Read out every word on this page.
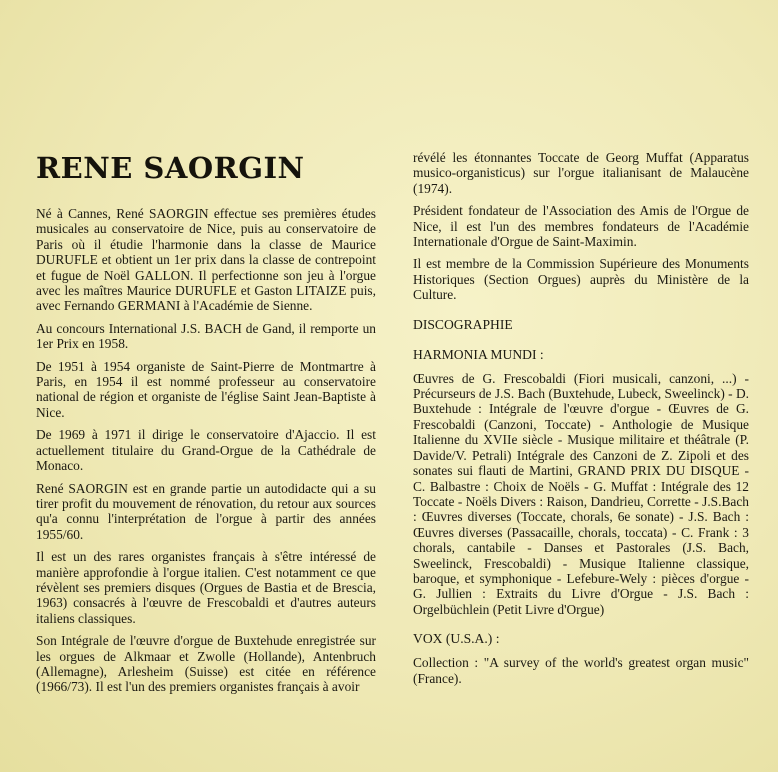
RENE SAORGIN

Né à Cannes, René SAORGIN effectue ses premières études musicales au conservatoire de Nice, puis au conservatoire de Paris où il étudie l'harmonie dans la classe de Maurice DURUFLE et obtient un 1er prix dans la classe de contrepoint et fugue de Noël GALLON. Il perfectionne son jeu à l'orgue avec les maîtres Maurice DURUFLE et Gaston LITAIZE puis, avec Fernando GERMANI à l'Académie de Sienne.

Au concours International J.S. BACH de Gand, il remporte un 1er Prix en 1958.

De 1951 à 1954 organiste de Saint-Pierre de Montmartre à Paris, en 1954 il est nommé professeur au conservatoire national de région et organiste de l'église Saint Jean-Baptiste à Nice.

De 1969 à 1971 il dirige le conservatoire d'Ajaccio. Il est actuellement titulaire du Grand-Orgue de la Cathédrale de Monaco.

René SAORGIN est en grande partie un autodidacte qui a su tirer profit du mouvement de rénovation, du retour aux sources qu'a connu l'interprétation de l'orgue à partir des années 1955/60.

Il est un des rares organistes français à s'être intéressé de manière approfondie à l'orgue italien. C'est notamment ce que révèlent ses premiers disques (Orgues de Bastia et de Brescia, 1963) consacrés à l'œuvre de Frescobaldi et d'autres auteurs italiens classiques.

Son Intégrale de l'œuvre d'orgue de Buxtehude enregistrée sur les orgues de Alkmaar et Zwolle (Hollande), Antenbruch (Allemagne), Arlesheim (Suisse) est citée en référence (1966/73). Il est l'un des premiers organistes français à avoir

révélé les étonnantes Toccate de Georg Muffat (Apparatus musico-organisticus) sur l'orgue italianisant de Malaucène (1974).

Président fondateur de l'Association des Amis de l'Orgue de Nice, il est l'un des membres fondateurs de l'Académie Internationale d'Orgue de Saint-Maximin.

Il est membre de la Commission Supérieure des Monuments Historiques (Section Orgues) auprès du Ministère de la Culture.

DISCOGRAPHIE
HARMONIA MUNDI :

Œuvres de G. Frescobaldi (Fiori musicali, canzoni, ...) - Précurseurs de J.S. Bach (Buxtehude, Lubeck, Sweelinck) - D. Buxtehude : Intégrale de l'œuvre d'orgue - Œuvres de G. Frescobaldi (Canzoni, Toccate) - Anthologie de Musique Italienne du XVIIe siècle - Musique militaire et théâtrale (P. Davide/V. Petrali) Intégrale des Canzoni de Z. Zipoli et des sonates sui flauti de Martini, GRAND PRIX DU DISQUE - C. Balbastre : Choix de Noëls - G. Muffat : Intégrale des 12 Toccate - Noëls Divers : Raison, Dandrieu, Corrette - J.S.Bach : Œuvres diverses (Toccate, chorals, 6e sonate) - J.S. Bach : Œuvres diverses (Passacaille, chorals, toccata) - C. Frank : 3 chorals, cantabile - Danses et Pastorales (J.S. Bach, Sweelinck, Frescobaldi) - Musique Italienne classique, baroque, et symphonique - Lefebure-Wely : pièces d'orgue - G. Jullien : Extraits du Livre d'Orgue - J.S. Bach : Orgelbüchlein (Petit Livre d'Orgue)

VOX (U.S.A.) :

Collection : "A survey of the world's greatest organ music" (France).
